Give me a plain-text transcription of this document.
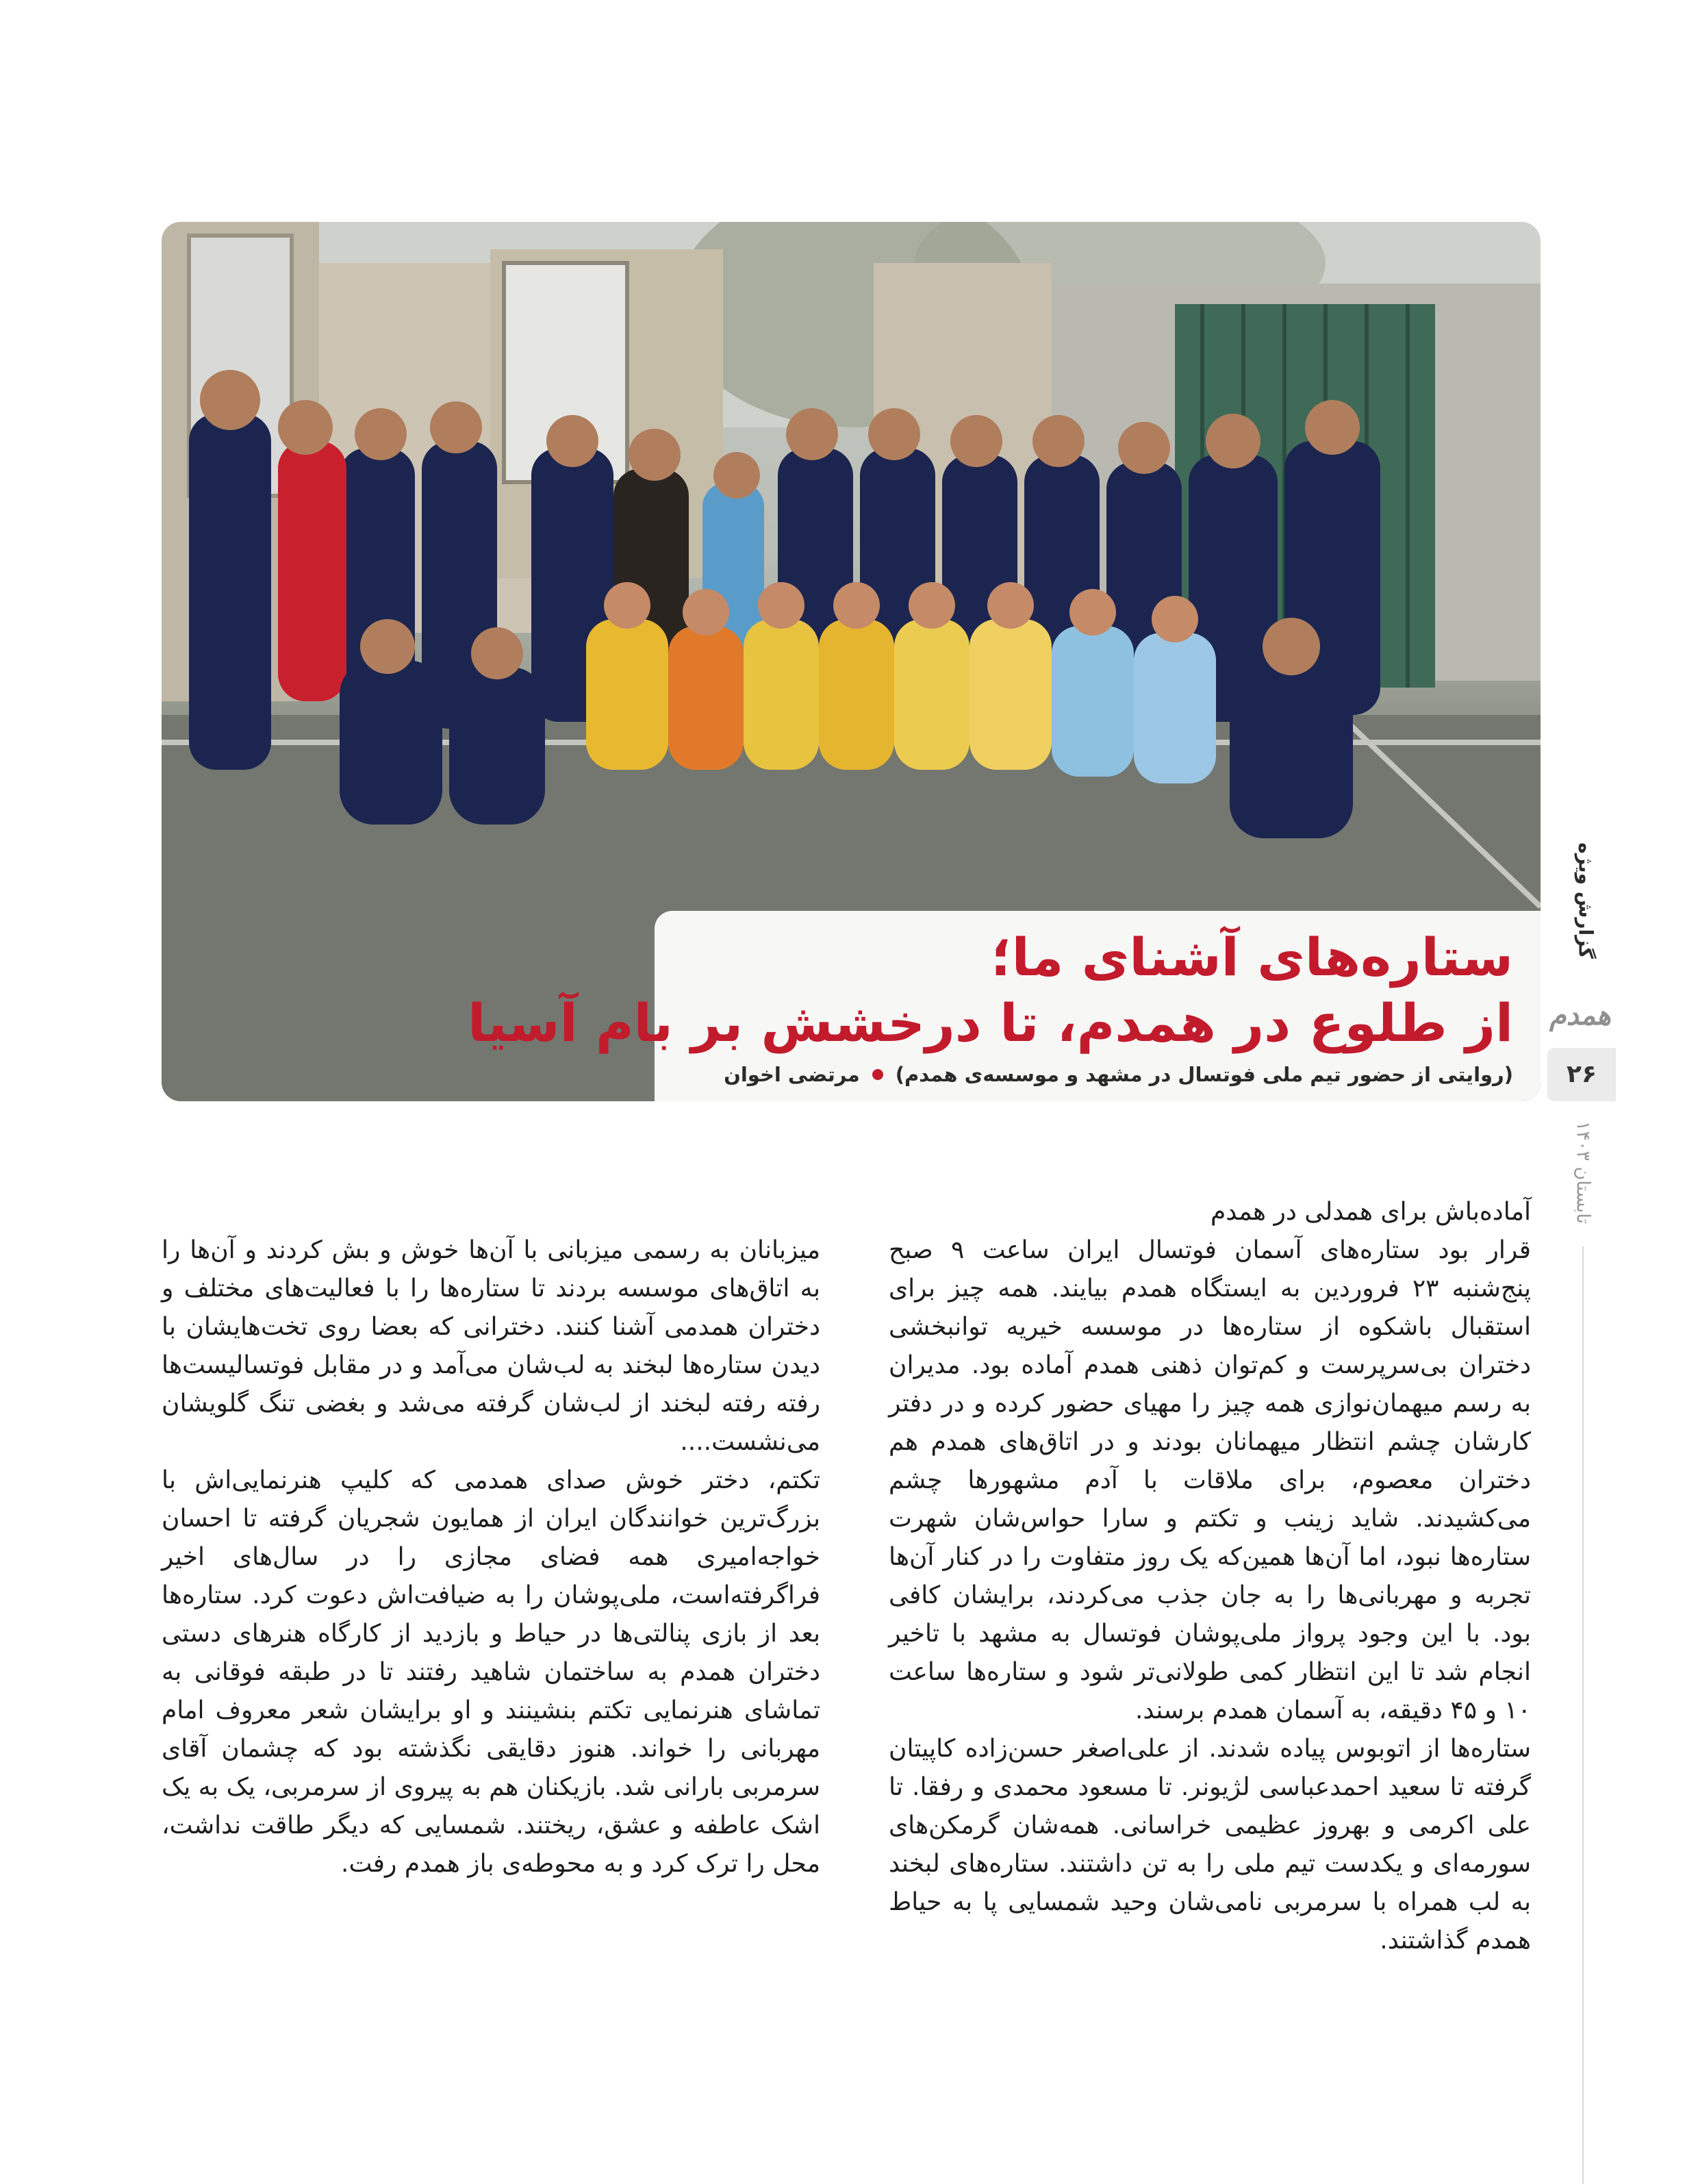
ستاره‌های آشنای ما؛
از طلوع در همدم، تا درخشش بر بام آسیا
(روایتی از حضور تیم ملی فوتسال در مشهد و موسسه‌ی همدم)
مرتضی اخوان
گزارش ویژه
همدم
۲۶
تابستان ۱۴۰۳

آماده‌باش برای همدلی در همدم

قرار بود ستاره‌های آسمان فوتسال ایران ساعت ۹ صبح پنج‌شنبه ۲۳ فروردین به ایستگاه همدم بیایند. همه چیز برای استقبال باشکوه از ستاره‌ها در موسسه خیریه توانبخشی دختران بی‌سرپرست و کم‌توان ذهنی همدم آماده بود. مدیران به رسم میهمان‌نوازی همه چیز را مهیای حضور کرده و در دفتر کارشان چشم انتظار میهمانان بودند و در اتاق‌های همدم هم دختران معصوم، برای ملاقات با آدم مشهورها چشم می‌کشیدند. شاید زینب و تکتم و سارا حواس‌شان شهرت ستاره‌ها نبود، اما آن‌ها همین‌که یک روز متفاوت را در کنار آن‌ها تجربه و مهربانی‌ها را به جان جذب می‌کردند، برایشان کافی بود. با این وجود پرواز ملی‌پوشان فوتسال به مشهد با تاخیر انجام شد تا این انتظار کمی طولانی‌تر شود و ستاره‌ها ساعت ۱۰ و ۴۵ دقیقه، به آسمان همدم برسند.

ستاره‌ها از اتوبوس پیاده شدند. از علی‌اصغر حسن‌زاده کاپیتان گرفته تا سعید احمدعباسی لژیونر. تا مسعود محمدی و رفقا. تا علی اکرمی و بهروز عظیمی خراسانی. همه‌شان گرمکن‌های سورمه‌ای و یکدست تیم ملی را به تن داشتند. ستاره‌های لبخند به لب همراه با سرمربی نامی‌شان وحید شمسایی پا به حیاط همدم گذاشتند.

میزبانان به رسمی میزبانی با آن‌ها خوش و بش کردند و آن‌ها را به اتاق‌های موسسه بردند تا ستاره‌ها را با فعالیت‌های مختلف و دختران همدمی آشنا کنند. دخترانی که بعضا روی تخت‌هایشان با دیدن ستاره‌ها لبخند به لب‌شان می‌آمد و در مقابل فوتسالیست‌ها رفته رفته لبخند از لب‌شان گرفته می‌شد و بغضی تنگ گلویشان می‌نشست....

تکتم، دختر خوش صدای همدمی که کلیپ هنرنمایی‌اش با بزرگ‌ترین خوانندگان ایران از همایون شجریان گرفته تا احسان خواجه‌امیری همه فضای مجازی را در سال‌های اخیر فراگرفته‌است، ملی‌پوشان را به ضیافت‌اش دعوت کرد. ستاره‌ها بعد از بازی پنالتی‌ها در حیاط و بازدید از کارگاه هنرهای دستی دختران همدم به ساختمان شاهید رفتند تا در طبقه فوقانی به تماشای هنرنمایی تکتم بنشینند و او برایشان شعر معروف امام مهربانی را خواند. هنوز دقایقی نگذشته بود که چشمان آقای سرمربی بارانی شد. بازیکنان هم به پیروی از سرمربی، یک به یک اشک عاطفه و عشق، ریختند. شمسایی که دیگر طاقت نداشت، محل را ترک کرد و به محوطه‌ی باز همدم رفت.
